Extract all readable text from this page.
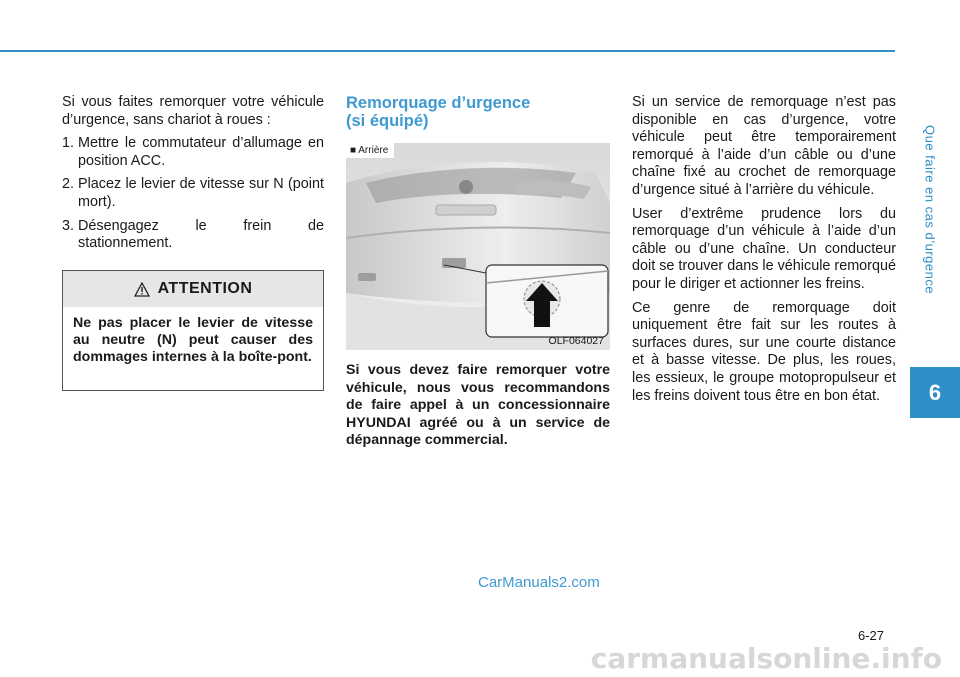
Que faire en cas d’urgence
6

Si vous faites remorquer votre véhicule d’urgence, sans chariot à roues :

1. Mettre le commutateur d’allumage en position ACC.
2. Placez le levier de vitesse sur N (point mort).
3. Désengagez le frein de stationnement.
ATTENTION
Ne pas placer le levier de vitesse au neutre (N) peut causer des dommages internes à la boîte-pont.
Remorquage d’urgence
(si équipé)
■ Arrière
OLF064027
Si vous devez faire remorquer votre véhicule, nous vous recommandons de faire appel à un concessionnaire HYUNDAI agréé ou à un service de dépannage commercial.

Si un service de remorquage n’est pas disponible en cas d’urgence, votre véhicule peut être temporairement remorqué à l’aide d’un câble ou d’une chaîne fixé au crochet de remorquage d’urgence situé à l’arrière du véhicule.

User d’extrême prudence lors du remorquage d’un véhicule à l’aide d’un câble ou d’une chaîne. Un conducteur doit se trouver dans le véhicule remorqué pour le diriger et actionner les freins.

Ce genre de remorquage doit uniquement être fait sur les routes à surfaces dures, sur une courte distance et à basse vitesse. De plus, les roues, les essieux, le groupe motopropulseur et les freins doivent tous être en bon état.

CarManuals2.com
6-27
carmanualsonline.info
